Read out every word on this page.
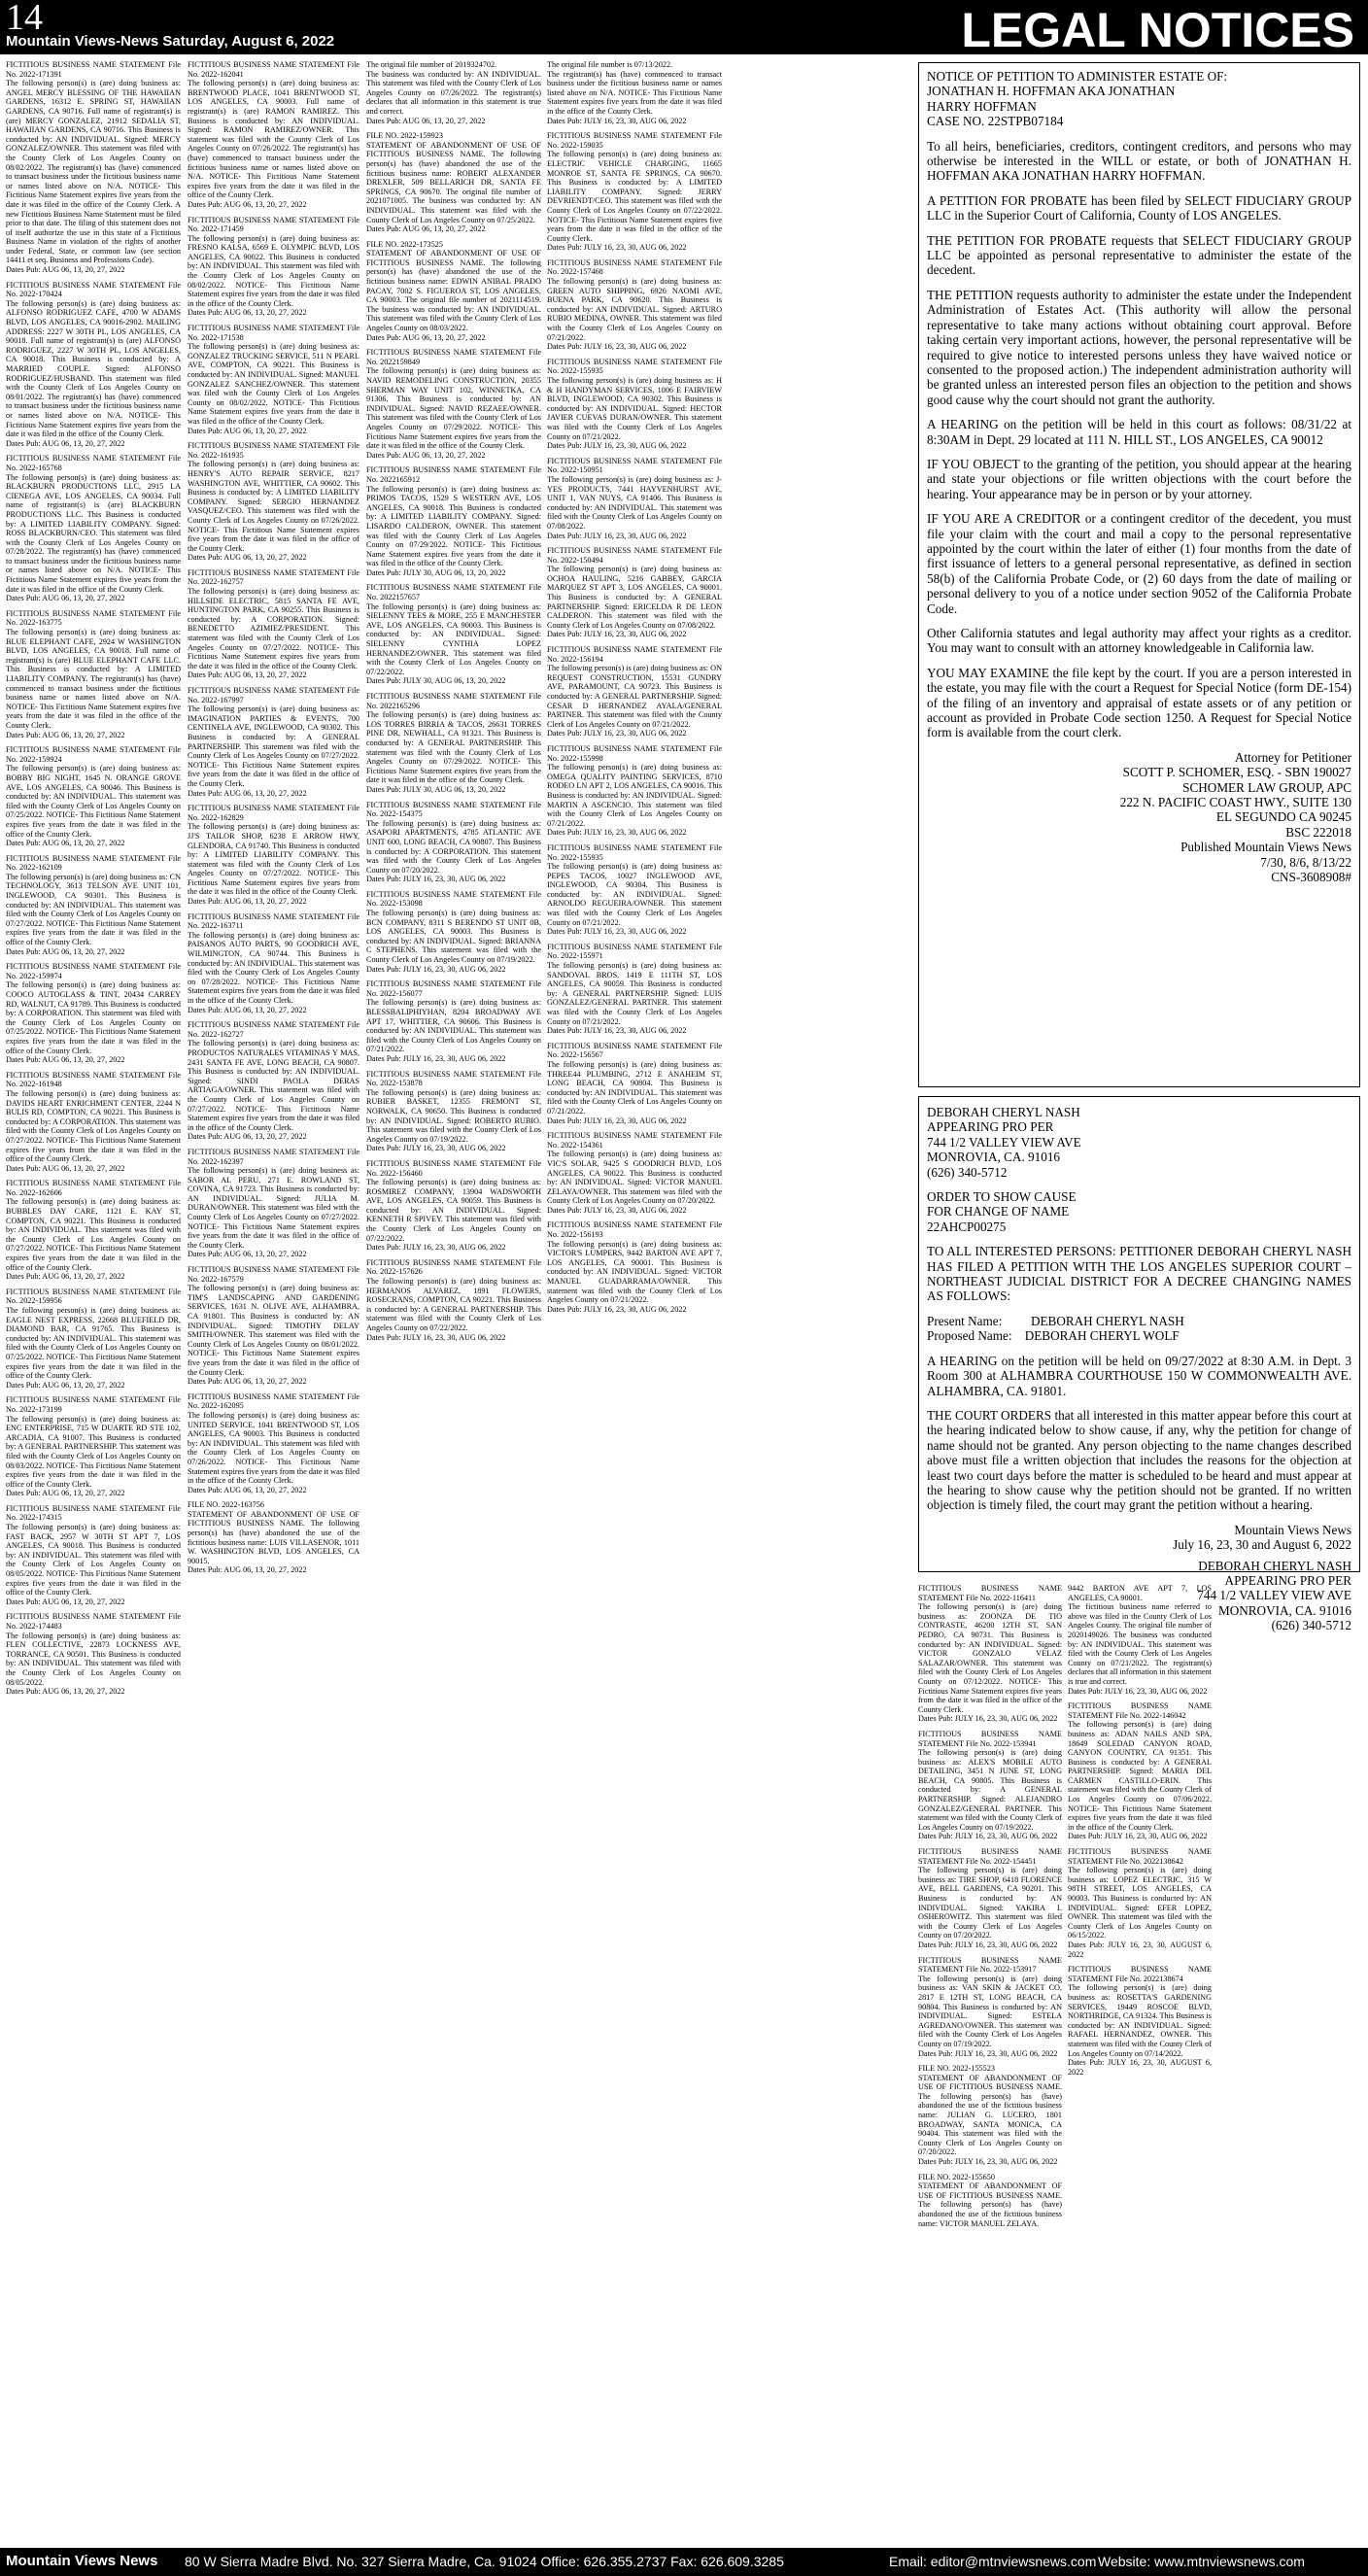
14
Mountain Views-News Saturday, August 6, 2022	LEGAL NOTICES

FICTITIOUS BUSINESS NAME STATEMENT File No. 2022-171391

The following person(s) is (are) doing business as: ANGEL MERCY BLESSING OF THE HAWAIIAN GARDENS, 16312 E. SPRING ST, HAWAIIAN GARDENS, CA 90716. Full name of registrant(s) is (are) MERCY GONZALEZ, 21912 SEDALIA ST, HAWAIIAN GARDENS, CA 90716. This Business is conducted by: AN INDIVIDUAL. Signed: MERCY GONZALEZ/OWNER. This statement was filed with the County Clerk of Los Angeles County on 08/02/2022. The registrant(s) has (have) commenced to transact business under the fictitious business name or names listed above on N/A. NOTICE- This Fictitious Name Statement expires five years from the date it was filed in the office of the County Clerk. A new Fictitious Business Name Statement must be filed prior to that date. The filing of this statement does not of itself authorize the use in this state of a Fictitious Business Name in violation of the rights of another under Federal, State, or common law (see section 14411 et seq. Business and Professions Code).

Dates Pub: AUG 06, 13, 20, 27, 2022

FICTITIOUS BUSINESS NAME STATEMENT File No. 2022-170424

The following person(s) is (are) doing business as: ALFONSO RODRIGUEZ CAFE, 4700 W ADAMS BLVD, LOS ANGELES, CA 90016-2902. MAILING ADDRESS: 2227 W 30TH PL, LOS ANGELES, CA 90018. Full name of registrant(s) is (are) ALFONSO RODRIGUEZ, 2227 W 30TH PL, LOS ANGELES, CA 90018. This Business is conducted by: A MARRIED COUPLE. Signed: ALFONSO RODRIGUEZ/HUSBAND. This statement was filed with the County Clerk of Los Angeles County on 08/01/2022. The registrant(s) has (have) commenced to transact business under the fictitious business name or names listed above on N/A. NOTICE- This Fictitious Name Statement expires five years from the date it was filed in the office of the County Clerk.

Dates Pub: AUG 06, 13, 20, 27, 2022

FICTITIOUS BUSINESS NAME STATEMENT File No. 2022-165768

The following person(s) is (are) doing business as: BLACKBURN PRODUCTIONS LLC, 2915 LA CIENEGA AVE, LOS ANGELES, CA 90034. Full name of registrant(s) is (are) BLACKBURN PRODUCTIONS LLC. This Business is conducted by: A LIMITED LIABILITY COMPANY. Signed: ROSS BLACKBURN/CEO. This statement was filed with the County Clerk of Los Angeles County on 07/28/2022. The registrant(s) has (have) commenced to transact business under the fictitious business name or names listed above on N/A. NOTICE- This Fictitious Name Statement expires five years from the date it was filed in the office of the County Clerk.

Dates Pub: AUG 06, 13, 20, 27, 2022

FICTITIOUS BUSINESS NAME STATEMENT File No. 2022-163775

The following person(s) is (are) doing business as: BLUE ELEPHANT CAFE, 2924 W WASHINGTON BLVD, LOS ANGELES, CA 90018. Full name of registrant(s) is (are) BLUE ELEPHANT CAFE LLC. This Business is conducted by: A LIMITED LIABILITY COMPANY. The registrant(s) has (have) commenced to transact business under the fictitious business name or names listed above on N/A. NOTICE- This Fictitious Name Statement expires five years from the date it was filed in the office of the County Clerk.

Dates Pub: AUG 06, 13, 20, 27, 2022

FICTITIOUS BUSINESS NAME STATEMENT File No. 2022-159924

The following person(s) is (are) doing business as: BOBBY BIG NIGHT, 1645 N. ORANGE GROVE AVE, LOS ANGELES, CA 90046. This Business is conducted by: AN INDIVIDUAL. This statement was filed with the County Clerk of Los Angeles County on 07/25/2022. NOTICE- This Fictitious Name Statement expires five years from the date it was filed in the office of the County Clerk.

Dates Pub: AUG 06, 13, 20, 27, 2022

FICTITIOUS BUSINESS NAME STATEMENT File No. 2022-162109

The following person(s) is (are) doing business as: CN TECHNOLOGY, 3613 TELSON AVE UNIT 101, INGLEWOOD, CA 90301. This Business is conducted by: AN INDIVIDUAL. This statement was filed with the County Clerk of Los Angeles County on 07/27/2022. NOTICE- This Fictitious Name Statement expires five years from the date it was filed in the office of the County Clerk.

Dates Pub: AUG 06, 13, 20, 27, 2022

FICTITIOUS BUSINESS NAME STATEMENT File No. 2022-159974

The following person(s) is (are) doing business as: COOCO AUTOGLASS & TINT, 20434 CARREY RD, WALNUT, CA 91789. This Business is conducted by: A CORPORATION. This statement was filed with the County Clerk of Los Angeles County on 07/25/2022. NOTICE- This Fictitious Name Statement expires five years from the date it was filed in the office of the County Clerk.

Dates Pub: AUG 06, 13, 20, 27, 2022

FICTITIOUS BUSINESS NAME STATEMENT File No. 2022-161948

The following person(s) is (are) doing business as: DAVIDS HEART ENRICHMENT CENTER, 2244 N BULIS RD, COMPTON, CA 90221. This Business is conducted by: A CORPORATION. This statement was filed with the County Clerk of Los Angeles County on 07/27/2022. NOTICE- This Fictitious Name Statement expires five years from the date it was filed in the office of the County Clerk.

Dates Pub: AUG 06, 13, 20, 27, 2022

FICTITIOUS BUSINESS NAME STATEMENT File No. 2022-162606

The following person(s) is (are) doing business as: BUBBLES DAY CARE, 1121 E. KAY ST, COMPTON, CA 90221. This Business is conducted by: AN INDIVIDUAL. This statement was filed with the County Clerk of Los Angeles County on 07/27/2022. NOTICE- This Fictitious Name Statement expires five years from the date it was filed in the office of the County Clerk.

Dates Pub: AUG 06, 13, 20, 27, 2022

FICTITIOUS BUSINESS NAME STATEMENT File No. 2022-159956

The following person(s) is (are) doing business as: EAGLE NEST EXPRESS, 22668 BLUEFIELD DR, DIAMOND BAR, CA 91765. This Business is conducted by: AN INDIVIDUAL. This statement was filed with the County Clerk of Los Angeles County on 07/25/2022. NOTICE- This Fictitious Name Statement expires five years from the date it was filed in the office of the County Clerk.

Dates Pub: AUG 06, 13, 20, 27, 2022

FICTITIOUS BUSINESS NAME STATEMENT File No. 2022-173199

The following person(s) is (are) doing business as: ENC ENTERPRISE, 715 W DUARTE RD STE 102, ARCADIA, CA 91007. This Business is conducted by: A GENERAL PARTNERSHIP. This statement was filed with the County Clerk of Los Angeles County on 08/03/2022. NOTICE- This Fictitious Name Statement expires five years from the date it was filed in the office of the County Clerk.

Dates Pub: AUG 06, 13, 20, 27, 2022

FICTITIOUS BUSINESS NAME STATEMENT File No. 2022-174315

The following person(s) is (are) doing business as: FAST BACK, 2957 W 30TH ST APT 7, LOS ANGELES, CA 90018. This Business is conducted by: AN INDIVIDUAL. This statement was filed with the County Clerk of Los Angeles County on 08/05/2022. NOTICE- This Fictitious Name Statement expires five years from the date it was filed in the office of the County Clerk.

Dates Pub: AUG 06, 13, 20, 27, 2022

FICTITIOUS BUSINESS NAME STATEMENT File No. 2022-174483

The following person(s) is (are) doing business as: FLEN COLLECTIVE, 22873 LOCKNESS AVE, TORRANCE, CA 90501. This Business is conducted by: AN INDIVIDUAL. This statement was filed with the County Clerk of Los Angeles County on 08/05/2022.

Dates Pub: AUG 06, 13, 20, 27, 2022

FICTITIOUS BUSINESS NAME STATEMENT File No. 2022-162041

The following person(s) is (are) doing business as: BRENTWOOD PLACE, 1041 BRENTWOOD ST, LOS ANGELES, CA 90003. Full name of registrant(s) is (are) RAMON RAMIREZ. This Business is conducted by: AN INDIVIDUAL. Signed: RAMON RAMIREZ/OWNER. This statement was filed with the County Clerk of Los Angeles County on 07/26/2022. The registrant(s) has (have) commenced to transact business under the fictitious business name or names listed above on N/A. NOTICE- This Fictitious Name Statement expires five years from the date it was filed in the office of the County Clerk.

Dates Pub: AUG 06, 13, 20, 27, 2022

FICTITIOUS BUSINESS NAME STATEMENT File No. 2022-171459

The following person(s) is (are) doing business as: FRESNO KALSA, 6569 E. OLYMPIC BLVD, LOS ANGELES, CA 90022. This Business is conducted by: AN INDIVIDUAL. This statement was filed with the County Clerk of Los Angeles County on 08/02/2022. NOTICE- This Fictitious Name Statement expires five years from the date it was filed in the office of the County Clerk.

Dates Pub: AUG 06, 13, 20, 27, 2022

FICTITIOUS BUSINESS NAME STATEMENT File No. 2022-171538

The following person(s) is (are) doing business as: GONZALEZ TRUCKING SERVICE, 511 N PEARL AVE, COMPTON, CA 90221. This Business is conducted by: AN INDIVIDUAL. Signed: MANUEL GONZALEZ SANCHEZ/OWNER. This statement was filed with the County Clerk of Los Angeles County on 08/02/2022. NOTICE- This Fictitious Name Statement expires five years from the date it was filed in the office of the County Clerk.

Dates Pub: AUG 06, 13, 20, 27, 2022

FICTITIOUS BUSINESS NAME STATEMENT File No. 2022-161935

The following person(s) is (are) doing business as: HENRY'S AUTO REPAIR SERVICE, 8217 WASHINGTON AVE, WHITTIER, CA 90602. This Business is conducted by: A LIMITED LIABILITY COMPANY. Signed: SERGIO HERNANDEZ VASQUEZ/CEO. This statement was filed with the County Clerk of Los Angeles County on 07/26/2022. NOTICE- This Fictitious Name Statement expires five years from the date it was filed in the office of the County Clerk.

Dates Pub: AUG 06, 13, 20, 27, 2022

FICTITIOUS BUSINESS NAME STATEMENT File No. 2022-162757

The following person(s) is (are) doing business as: HILLSIDE ELECTRIC, 5815 SANTA FE AVE, HUNTINGTON PARK, CA 90255. This Business is conducted by: A CORPORATION. Signed: BENEDETTO AZIMIEZ/PRESIDENT. This statement was filed with the County Clerk of Los Angeles County on 07/27/2022. NOTICE- This Fictitious Name Statement expires five years from the date it was filed in the office of the County Clerk.

Dates Pub: AUG 06, 13, 20, 27, 2022

FICTITIOUS BUSINESS NAME STATEMENT File No. 2022-167997

The following person(s) is (are) doing business as: IMAGINATION PARTIES & EVENTS, 700 CENTINELA AVE, INGLEWOOD, CA 90302. This Business is conducted by: A GENERAL PARTNERSHIP. This statement was filed with the County Clerk of Los Angeles County on 07/27/2022. NOTICE- This Fictitious Name Statement expires five years from the date it was filed in the office of the County Clerk.

Dates Pub: AUG 06, 13, 20, 27, 2022

FICTITIOUS BUSINESS NAME STATEMENT File No. 2022-162829

The following person(s) is (are) doing business as: JJ'S TAILOR SHOP, 6238 E ARROW HWY, GLENDORA, CA 91740. This Business is conducted by: A LIMITED LIABILITY COMPANY. This statement was filed with the County Clerk of Los Angeles County on 07/27/2022. NOTICE- This Fictitious Name Statement expires five years from the date it was filed in the office of the County Clerk.

Dates Pub: AUG 06, 13, 20, 27, 2022

FICTITIOUS BUSINESS NAME STATEMENT File No. 2022-163711

The following person(s) is (are) doing business as: PAISANOS AUTO PARTS, 90 GOODRICH AVE, WILMINGTON, CA 90744. This Business is conducted by: AN INDIVIDUAL. This statement was filed with the County Clerk of Los Angeles County on 07/28/2022. NOTICE- This Fictitious Name Statement expires five years from the date it was filed in the office of the County Clerk.

Dates Pub: AUG 06, 13, 20, 27, 2022

FICTITIOUS BUSINESS NAME STATEMENT File No. 2022-162727

The following person(s) is (are) doing business as: PRODUCTOS NATURALES VITAMINAS Y MAS, 2431 SANTA FE AVE, LONG BEACH, CA 90807. This Business is conducted by: AN INDIVIDUAL. Signed: SINDI PAOLA DERAS ARTIAGA/OWNER. This statement was filed with the County Clerk of Los Angeles County on 07/27/2022. NOTICE- This Fictitious Name Statement expires five years from the date it was filed in the office of the County Clerk.

Dates Pub: AUG 06, 13, 20, 27, 2022

FICTITIOUS BUSINESS NAME STATEMENT File No. 2022-162397

The following person(s) is (are) doing business as: SABOR AL PERU, 271 E. ROWLAND ST, COVINA, CA 91723. This Business is conducted by: AN INDIVIDUAL. Signed: JULIA M. DURAN/OWNER. This statement was filed with the County Clerk of Los Angeles County on 07/27/2022. NOTICE- This Fictitious Name Statement expires five years from the date it was filed in the office of the County Clerk.

Dates Pub: AUG 06, 13, 20, 27, 2022

FICTITIOUS BUSINESS NAME STATEMENT File No. 2022-167579

The following person(s) is (are) doing business as: TIM'S LANDSCAPING AND GARDENING SERVICES, 1631 N. OLIVE AVE, ALHAMBRA, CA 91801. This Business is conducted by: AN INDIVIDUAL. Signed: TIMOTHY DELAY SMITH/OWNER. This statement was filed with the County Clerk of Los Angeles County on 08/01/2022. NOTICE- This Fictitious Name Statement expires five years from the date it was filed in the office of the County Clerk.

Dates Pub: AUG 06, 13, 20, 27, 2022

FICTITIOUS BUSINESS NAME STATEMENT File No. 2022-162095

The following person(s) is (are) doing business as: UNITED SERVICE, 1041 BRENTWOOD ST, LOS ANGELES, CA 90003. This Business is conducted by: AN INDIVIDUAL. This statement was filed with the County Clerk of Los Angeles County on 07/26/2022. NOTICE- This Fictitious Name Statement expires five years from the date it was filed in the office of the County Clerk.

Dates Pub: AUG 06, 13, 20, 27, 2022

FILE NO. 2022-163756

STATEMENT OF ABANDONMENT OF USE OF FICTITIOUS BUSINESS NAME. The following person(s) has (have) abandoned the use of the fictitious business name: LUIS VILLASENOR, 1011 W. WASHINGTON BLVD, LOS ANGELES, CA 90015.

Dates Pub: AUG 06, 13, 20, 27, 2022

The original file number of 2019324702.

The business was conducted by: AN INDIVIDUAL. This statement was filed with the County Clerk of Los Angeles County on 07/26/2022. The registrant(s) declares that all information in this statement is true and correct.

Dates Pub: AUG 06, 13, 20, 27, 2022

FILE NO. 2022-159923

STATEMENT OF ABANDONMENT OF USE OF FICTITIOUS BUSINESS NAME. The following person(s) has (have) abandoned the use of the fictitious business name: ROBERT ALEXANDER DREXLER, 509 BELLARICH DR, SANTA FE SPRINGS, CA 90670. The original file number of 2021071005. The business was conducted by: AN INDIVIDUAL. This statement was filed with the County Clerk of Los Angeles County on 07/25/2022.

Dates Pub: AUG 06, 13, 20, 27, 2022

FILE NO. 2022-173525

STATEMENT OF ABANDONMENT OF USE OF FICTITIOUS BUSINESS NAME. The following person(s) has (have) abandoned the use of the fictitious business name: EDWIN ANIBAL PRADO PACAY, 7002 S. FIGUEROA ST, LOS ANGELES, CA 90003. The original file number of 2021114519. The business was conducted by: AN INDIVIDUAL. This statement was filed with the County Clerk of Los Angeles County on 08/03/2022.

Dates Pub: AUG 06, 13, 20, 27, 2022

FICTITIOUS BUSINESS NAME STATEMENT File No. 2022159849

The following person(s) is (are) doing business as: NAVID REMODELING CONSTRUCTION, 20355 SHERMAN WAY UNIT 102, WINNETKA, CA 91306. This Business is conducted by: AN INDIVIDUAL. Signed: NAVID REZAEE/OWNER. This statement was filed with the County Clerk of Los Angeles County on 07/29/2022. NOTICE- This Fictitious Name Statement expires five years from the date it was filed in the office of the County Clerk.

Dates Pub: AUG 06, 13, 20, 27, 2022

FICTITIOUS BUSINESS NAME STATEMENT File No. 2022165912

The following person(s) is (are) doing business as: PRIMOS TACOS, 1529 S WESTERN AVE, LOS ANGELES, CA 90018. This Business is conducted by: A LIMITED LIABILITY COMPANY. Signed: LISARDO CALDERON, OWNER. This statement was filed with the County Clerk of Los Angeles County on 07/29/2022. NOTICE- This Fictitious Name Statement expires five years from the date it was filed in the office of the County Clerk.

Dates Pub: JULY 30, AUG 06, 13, 20, 2022

FICTITIOUS BUSINESS NAME STATEMENT File No. 2022157657

The following person(s) is (are) doing business as: SIELENNY TEES & MORE, 255 E MANCHESTER AVE, LOS ANGELES, CA 90003. This Business is conducted by: AN INDIVIDUAL. Signed: SIELENNY CYNTHIA LOPEZ HERNANDEZ/OWNER. This statement was filed with the County Clerk of Los Angeles County on 07/22/2022.

Dates Pub: JULY 30, AUG 06, 13, 20, 2022

FICTITIOUS BUSINESS NAME STATEMENT File No. 2022165296

The following person(s) is (are) doing business as: LOS TORRES BIRRIA & TACOS, 26631 TORRES PINE DR, NEWHALL, CA 91321. This Business is conducted by: A GENERAL PARTNERSHIP. This statement was filed with the County Clerk of Los Angeles County on 07/29/2022. NOTICE- This Fictitious Name Statement expires five years from the date it was filed in the office of the County Clerk.

Dates Pub: JULY 30, AUG 06, 13, 20, 2022

FICTITIOUS BUSINESS NAME STATEMENT File No. 2022-154375

The following person(s) is (are) doing business as: ASAPORI APARTMENTS, 4785 ATLANTIC AVE UNIT 600, LONG BEACH, CA 90807. This Business is conducted by: A CORPORATION. This statement was filed with the County Clerk of Los Angeles County on 07/20/2022.

Dates Pub: JULY 16, 23, 30, AUG 06, 2022

FICTITIOUS BUSINESS NAME STATEMENT File No. 2022-153098

The following person(s) is (are) doing business as: BCN COMPANY, 8311 S BERENDO ST UNIT 0B, LOS ANGELES, CA 90003. This Business is conducted by: AN INDIVIDUAL. Signed: BRIANNA C STEPHENS. This statement was filed with the County Clerk of Los Angeles County on 07/19/2022.

Dates Pub: JULY 16, 23, 30, AUG 06, 2022

FICTITIOUS BUSINESS NAME STATEMENT File No. 2022-156077

The following person(s) is (are) doing business as: BLESSBALIPHIYHAN, 8204 BROADWAY AVE APT 17, WHITTIER, CA 90606. This Business is conducted by: AN INDIVIDUAL. This statement was filed with the County Clerk of Los Angeles County on 07/21/2022.

Dates Pub: JULY 16, 23, 30, AUG 06, 2022

FICTITIOUS BUSINESS NAME STATEMENT File No. 2022-153878

The following person(s) is (are) doing business as: RUBIER BASKET, 12355 FREMONT ST, NORWALK, CA 90650. This Business is conducted by: AN INDIVIDUAL. Signed: ROBERTO RUBIO. This statement was filed with the County Clerk of Los Angeles County on 07/19/2022.

Dates Pub: JULY 16, 23, 30, AUG 06, 2022

FICTITIOUS BUSINESS NAME STATEMENT File No. 2022-156460

The following person(s) is (are) doing business as: ROSMIREZ COMPANY, 13904 WADSWORTH AVE, LOS ANGELES, CA 90059. This Business is conducted by: AN INDIVIDUAL. Signed: KENNETH R SPIVEY. This statement was filed with the County Clerk of Los Angeles County on 07/22/2022.

Dates Pub: JULY 16, 23, 30, AUG 06, 2022

FICTITIOUS BUSINESS NAME STATEMENT File No. 2022-157626

The following person(s) is (are) doing business as: HERMANOS ALVAREZ, 1891 FLOWERS, ROSECRANS, COMPTON, CA 90221. This Business is conducted by: A GENERAL PARTNERSHIP. This statement was filed with the County Clerk of Los Angeles County on 07/22/2022.

Dates Pub: JULY 16, 23, 30, AUG 06, 2022

The original file number is 07/13/2022.

The registrant(s) has (have) commenced to transact business under the fictitious business name or names listed above on N/A. NOTICE- This Fictitious Name Statement expires five years from the date it was filed in the office of the County Clerk.

Dates Pub: JULY 16, 23, 30, AUG 06, 2022

FICTITIOUS BUSINESS NAME STATEMENT File No. 2022-159035

The following person(s) is (are) doing business as: ELECTRIC VEHICLE CHARGING, 11665 MONROE ST, SANTA FE SPRINGS, CA 90670. This Business is conducted by: A LIMITED LIABILITY COMPANY. Signed: JERRY DEVRIENDT/CEO. This statement was filed with the County Clerk of Los Angeles County on 07/22/2022. NOTICE- This Fictitious Name Statement expires five years from the date it was filed in the office of the County Clerk.

Dates Pub: JULY 16, 23, 30, AUG 06, 2022

FICTITIOUS BUSINESS NAME STATEMENT File No. 2022-157468

The following person(s) is (are) doing business as: GREEN AUTO SHIPPING, 6926 NAOMI AVE, BUENA PARK, CA 90620. This Business is conducted by: AN INDIVIDUAL. Signed: ARTURO RUBIO MEDINA, OWNER. This statement was filed with the County Clerk of Los Angeles County on 07/21/2022.

Dates Pub: JULY 16, 23, 30, AUG 06, 2022

FICTITIOUS BUSINESS NAME STATEMENT File No. 2022-155935

The following person(s) is (are) doing business as: H & H HANDYMAN SERVICES, 1006 E FAIRVIEW BLVD, INGLEWOOD, CA 90302. This Business is conducted by: AN INDIVIDUAL. Signed: HECTOR JAVIER CUEVAS DURAN/OWNER. This statement was filed with the County Clerk of Los Angeles County on 07/21/2022.

Dates Pub: JULY 16, 23, 30, AUG 06, 2022

FICTITIOUS BUSINESS NAME STATEMENT File No. 2022-150951

The following person(s) is (are) doing business as: J-YES PRODUCTS, 7441 HAYVENHURST AVE, UNIT 1, VAN NUYS, CA 91406. This Business is conducted by: AN INDIVIDUAL. This statement was filed with the County Clerk of Los Angeles County on 07/08/2022.

Dates Pub: JULY 16, 23, 30, AUG 06, 2022

FICTITIOUS BUSINESS NAME STATEMENT File No. 2022-150494

The following person(s) is (are) doing business as: OCHOA HAULING, 5216 GABBEY, GARCIA MARQUEZ ST APT 3, LOS ANGELES, CA 90001. This Business is conducted by: A GENERAL PARTNERSHIP. Signed: ERICELDA R DE LEON CALDERON. This statement was filed with the County Clerk of Los Angeles County on 07/08/2022.

Dates Pub: JULY 16, 23, 30, AUG 06, 2022

FICTITIOUS BUSINESS NAME STATEMENT File No. 2022-156194

The following person(s) is (are) doing business as: ON REQUEST CONSTRUCTION, 15531 GUNDRY AVE, PARAMOUNT, CA 90723. This Business is conducted by: A GENERAL PARTNERSHIP. Signed: CESAR D HERNANDEZ AYALA/GENERAL PARTNER. This statement was filed with the County Clerk of Los Angeles County on 07/21/2022.

Dates Pub: JULY 16, 23, 30, AUG 06, 2022

FICTITIOUS BUSINESS NAME STATEMENT File No. 2022-155998

The following person(s) is (are) doing business as: OMEGA QUALITY PAINTING SERVICES, 8710 RODEO LN APT 2, LOS ANGELES, CA 90016. This Business is conducted by: AN INDIVIDUAL. Signed: MARTIN A ASCENCIO. This statement was filed with the County Clerk of Los Angeles County on 07/21/2022.

Dates Pub: JULY 16, 23, 30, AUG 06, 2022

FICTITIOUS BUSINESS NAME STATEMENT File No. 2022-155935

The following person(s) is (are) doing business as: PEPES TACOS, 10027 INGLEWOOD AVE, INGLEWOOD, CA 90304. This Business is conducted by: AN INDIVIDUAL. Signed: ARNOLDO REGUEIRA/OWNER. This statement was filed with the County Clerk of Los Angeles County on 07/21/2022.

Dates Pub: JULY 16, 23, 30, AUG 06, 2022

FICTITIOUS BUSINESS NAME STATEMENT File No. 2022-155971

The following person(s) is (are) doing business as: SANDOVAL BROS, 1419 E 111TH ST, LOS ANGELES, CA 90059. This Business is conducted by: A GENERAL PARTNERSHIP. Signed: LUIS GONZALEZ/GENERAL PARTNER. This statement was filed with the County Clerk of Los Angeles County on 07/21/2022.

Dates Pub: JULY 16, 23, 30, AUG 06, 2022

FICTITIOUS BUSINESS NAME STATEMENT File No. 2022-156567

The following person(s) is (are) doing business as: THREE44 PLUMBING, 2712 E ANAHEIM ST, LONG BEACH, CA 90804. This Business is conducted by: AN INDIVIDUAL. This statement was filed with the County Clerk of Los Angeles County on 07/21/2022.

Dates Pub: JULY 16, 23, 30, AUG 06, 2022

FICTITIOUS BUSINESS NAME STATEMENT File No. 2022-154361

The following person(s) is (are) doing business as: VIC'S SOLAR, 9425 S GOODRICH BLVD, LOS ANGELES, CA 90022. This Business is conducted by: AN INDIVIDUAL. Signed: VICTOR MANUEL ZELAYA/OWNER. This statement was filed with the County Clerk of Los Angeles County on 07/20/2022.

Dates Pub: JULY 16, 23, 30, AUG 06, 2022

FICTITIOUS BUSINESS NAME STATEMENT File No. 2022-156193

The following person(s) is (are) doing business as: VICTOR'S LUMPERS, 9442 BARTON AVE APT 7, LOS ANGELES, CA 90001. This Business is conducted by: AN INDIVIDUAL. Signed: VICTOR MANUEL GUADARRAMA/OWNER. This statement was filed with the County Clerk of Los Angeles County on 07/21/2022.

Dates Pub: JULY 16, 23, 30, AUG 06, 2022
NOTICE OF PETITION TO ADMINISTER ESTATE OF:
JONATHAN H. HOFFMAN AKA JONATHAN
HARRY HOFFMAN
CASE NO. 22STPB07184
To all heirs, beneficiaries, creditors, contingent creditors, and persons who may otherwise be interested in the WILL or estate, or both of JONATHAN H. HOFFMAN AKA JONATHAN HARRY HOFFMAN.
A PETITION FOR PROBATE has been filed by SELECT FIDUCIARY GROUP LLC in the Superior Court of California, County of LOS ANGELES.
THE PETITION FOR PROBATE requests that SELECT FIDUCIARY GROUP LLC be appointed as personal representative to administer the estate of the decedent.
THE PETITION requests authority to administer the estate under the Independent Administration of Estates Act. (This authority will allow the personal representative to take many actions without obtaining court approval. Before taking certain very important actions, however, the personal representative will be required to give notice to interested persons unless they have waived notice or consented to the proposed action.) The independent administration authority will be granted unless an interested person files an objection to the petition and shows good cause why the court should not grant the authority.
A HEARING on the petition will be held in this court as follows: 08/31/22 at 8:30AM in Dept. 29 located at 111 N. HILL ST., LOS ANGELES, CA 90012
IF YOU OBJECT to the granting of the petition, you should appear at the hearing and state your objections or file written objections with the court before the hearing. Your appearance may be in person or by your attorney.
IF YOU ARE A CREDITOR or a contingent creditor of the decedent, you must file your claim with the court and mail a copy to the personal representative appointed by the court within the later of either (1) four months from the date of first issuance of letters to a general personal representative, as defined in section 58(b) of the California Probate Code, or (2) 60 days from the date of mailing or personal delivery to you of a notice under section 9052 of the California Probate Code.
Other California statutes and legal authority may affect your rights as a creditor. You may want to consult with an attorney knowledgeable in California law.
YOU MAY EXAMINE the file kept by the court. If you are a person interested in the estate, you may file with the court a Request for Special Notice (form DE-154) of the filing of an inventory and appraisal of estate assets or of any petition or account as provided in Probate Code section 1250. A Request for Special Notice form is available from the court clerk.
Attorney for Petitioner
SCOTT P. SCHOMER, ESQ. - SBN 190027
SCHOMER LAW GROUP, APC
222 N. PACIFIC COAST HWY., SUITE 130
EL SEGUNDO CA 90245
BSC 222018
Published Mountain Views News
7/30, 8/6, 8/13/22
CNS-3608908#
DEBORAH CHERYL NASH
APPEARING PRO PER
744 1/2 VALLEY VIEW AVE
MONROVIA, CA. 91016
(626) 340-5712
ORDER TO SHOW CAUSE
FOR CHANGE OF NAME
22AHCP00275
TO ALL INTERESTED PERSONS: PETITIONER DEBORAH CHERYL NASH HAS FILED A PETITION WITH THE LOS ANGELES SUPERIOR COURT – NORTHEAST JUDICIAL DISTRICT FOR A DECREE CHANGING NAMES AS FOLLOWS:
Present Name:         DEBORAH CHERYL NASH
Proposed Name:    DEBORAH CHERYL WOLF
A HEARING on the petition will be held on 09/27/2022 at 8:30 A.M. in Dept. 3 Room 300 at ALHAMBRA COURTHOUSE 150 W COMMONWEALTH AVE. ALHAMBRA, CA. 91801.
THE COURT ORDERS that all interested in this matter appear before this court at the hearing indicated below to show cause, if any, why the petition for change of name should not be granted. Any person objecting to the name changes described above must file a written objection that includes the reasons for the objection at least two court days before the matter is scheduled to be heard and must appear at the hearing to show cause why the petition should not be granted. If no written objection is timely filed, the court may grant the petition without a hearing.
Mountain Views News
July 16, 23, 30 and August 6, 2022
DEBORAH CHERYL NASH
APPEARING PRO PER
744 1/2 VALLEY VIEW AVE
MONROVIA, CA. 91016
(626) 340-5712

FICTITIOUS BUSINESS NAME STATEMENT File No. 2022-116411

The following person(s) is (are) doing business as: ZOONZA DE TIO CONTRASTE, 46200 12TH ST, SAN PEDRO, CA 90731. This Business is conducted by: AN INDIVIDUAL. Signed: VICTOR GONZALO VELAZ SALAZAR/OWNER. This statement was filed with the County Clerk of Los Angeles County on 07/12/2022. NOTICE- This Fictitious Name Statement expires five years from the date it was filed in the office of the County Clerk.

Dates Pub: JULY 16, 23, 30, AUG 06, 2022

FICTITIOUS BUSINESS NAME STATEMENT File No. 2022-153941

The following person(s) is (are) doing business as: ALEX'S MOBILE AUTO DETAILING, 3451 N JUNE ST, LONG BEACH, CA 90805. This Business is conducted by: A GENERAL PARTNERSHIP. Signed: ALEJANDRO GONZALEZ/GENERAL PARTNER. This statement was filed with the County Clerk of Los Angeles County on 07/19/2022.

Dates Pub: JULY 16, 23, 30, AUG 06, 2022

FICTITIOUS BUSINESS NAME STATEMENT File No. 2022-154451

The following person(s) is (are) doing business as: TIRE SHOP, 6418 FLORENCE AVE, BELL GARDENS, CA 90201. This Business is conducted by: AN INDIVIDUAL. Signed: YAKIRA L OSHEROWITZ. This statement was filed with the County Clerk of Los Angeles County on 07/20/2022.

Dates Pub: JULY 16, 23, 30, AUG 06, 2022

FICTITIOUS BUSINESS NAME STATEMENT File No. 2022-153917

The following person(s) is (are) doing business as: VAN SKIN & JACKET CO, 2817 E 12TH ST, LONG BEACH, CA 90804. This Business is conducted by: AN INDIVIDUAL. Signed: ESTELA AGREDANO/OWNER. This statement was filed with the County Clerk of Los Angeles County on 07/19/2022.

Dates Pub: JULY 16, 23, 30, AUG 06, 2022

FILE NO. 2022-155523

STATEMENT OF ABANDONMENT OF USE OF FICTITIOUS BUSINESS NAME. The following person(s) has (have) abandoned the use of the fictitious business name: JULIAN G. LUCERO, 1801 BROADWAY, SANTA MONICA, CA 90404. This statement was filed with the County Clerk of Los Angeles County on 07/20/2022.

Dates Pub: JULY 16, 23, 30, AUG 06, 2022

FILE NO. 2022-155650

STATEMENT OF ABANDONMENT OF USE OF FICTITIOUS BUSINESS NAME. The following person(s) has (have) abandoned the use of the fictitious business name: VICTOR MANUEL ZELAYA.

9442 BARTON AVE APT 7, LOS ANGELES, CA 90001.

The fictitious business name referred to above was filed in the County Clerk of Los Angeles County. The original file number of 2020149026. The business was conducted by: AN INDIVIDUAL. This statement was filed with the County Clerk of Los Angeles County on 07/21/2022. The registrant(s) declares that all information in this statement is true and correct.

Dates Pub: JULY 16, 23, 30, AUG 06, 2022

FICTITIOUS BUSINESS NAME STATEMENT File No. 2022-146042

The following person(s) is (are) doing business as: ADAN NAILS AND SPA, 18649 SOLEDAD CANYON ROAD, CANYON COUNTRY, CA 91351. This Business is conducted by: A GENERAL PARTNERSHIP. Signed: MARIA DEL CARMEN CASTILLO-ERIN. This statement was filed with the County Clerk of Los Angeles County on 07/06/2022. NOTICE- This Fictitious Name Statement expires five years from the date it was filed in the office of the County Clerk.

Dates Pub: JULY 16, 23, 30, AUG 06, 2022

FICTITIOUS BUSINESS NAME STATEMENT File No. 2022138642

The following person(s) is (are) doing business as: LOPEZ ELECTRIC, 315 W 98TH STREET, LOS ANGELES, CA 90003. This Business is conducted by: AN INDIVIDUAL. Signed: EFER LOPEZ, OWNER. This statement was filed with the County Clerk of Los Angeles County on 06/15/2022.

Dates Pub: JULY 16, 23, 30, AUGUST 6, 2022

FICTITIOUS BUSINESS NAME STATEMENT File No. 2022138674

The following person(s) is (are) doing business as: ROSETTA'S GARDENING SERVICES, 19449 ROSCOE BLVD, NORTHRIDGE, CA 91324. This Business is conducted by: AN INDIVIDUAL. Signed: RAFAEL HERNANDEZ, OWNER. This statement was filed with the County Clerk of Los Angeles County on 07/14/2022.

Dates Pub: JULY 16, 23, 30, AUGUST 6, 2022
Mountain Views News 80 W Sierra Madre Blvd. No. 327 Sierra Madre, Ca. 91024 Office: 626.355.2737 Fax: 626.609.3285	Email: editor@mtnviewsnews.com Website: www.mtnviewsnews.com
